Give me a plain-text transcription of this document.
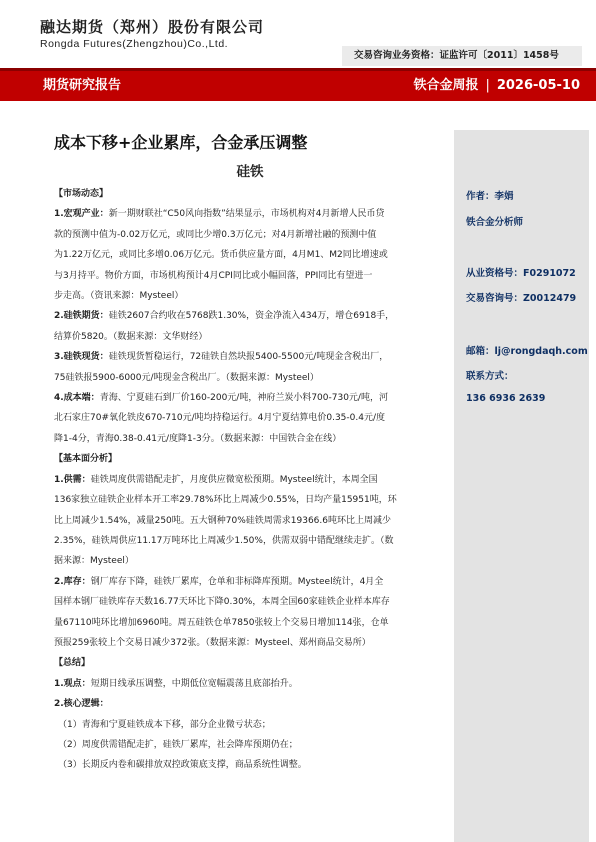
融达期货（郑州）股份有限公司
Rongda Futures(Zhengzhou)Co.,Ltd.
交易咨询业务资格：证监许可〔2011〕1458号
期货研究报告	铁合金周报 | 2026-05-10
成本下移+企业累库，合金承压调整
作者：李娟
铁合金分析师
从业资格号：F0291072
交易咨询号：Z0012479
邮箱：lj@rongdaqh.com
联系方式：
136 6936 2639
硅铁
【市场动态】
1.宏观产业：新一期财联社“C50风向指数”结果显示，市场机构对4月新增人民币贷
款的预测中值为-0.02万亿元，或同比少增0.3万亿元；对4月新增社融的预测中值
为1.22万亿元，或同比多增0.06万亿元。货币供应量方面，4月M1、M2同比增速或
与3月持平。物价方面，市场机构预计4月CPI同比或小幅回落，PPI同比有望进一
步走高。（资讯来源：Mysteel）
2.硅铁期货：硅铁2607合约收在5768跌1.30%，资金净流入434万，增仓6918手，
结算价5820。（数据来源：文华财经）
3.硅铁现货：硅铁现货暂稳运行，72硅铁自然块报5400-5500元/吨现金含税出厂，
75硅铁报5900-6000元/吨现金含税出厂。（数据来源：Mysteel）
4.成本端：青海、宁夏硅石到厂价160-200元/吨，神府兰炭小料700-730元/吨，河
北石家庄70#氧化铁皮670-710元/吨均持稳运行。4月宁夏结算电价0.35-0.4元/度
降1-4分，青海0.38-0.41元/度降1-3分。（数据来源：中国铁合金在线）
【基本面分析】
1.供需：硅铁周度供需错配走扩，月度供应微宽松预期。Mysteel统计，本周全国
136家独立硅铁企业样本开工率29.78%环比上周减少0.55%，日均产量15951吨，环
比上周减少1.54%，减量250吨。五大钢种70%硅铁周需求19366.6吨环比上周减少
2.35%，硅铁周供应11.17万吨环比上周减少1.50%，供需双弱中错配继续走扩。（数
据来源：Mysteel）
2.库存：钢厂库存下降，硅铁厂累库，仓单和非标降库预期。Mysteel统计，4月全
国样本钢厂硅铁库存天数16.77天环比下降0.30%，本周全国60家硅铁企业样本库存
量67110吨环比增加6960吨。周五硅铁仓单7850张较上个交易日增加114张，仓单
预报259张较上个交易日减少372张。（数据来源：Mysteel、郑州商品交易所）
【总结】
1.观点：短期日线承压调整，中期低位宽幅震荡且底部抬升。
2.核心逻辑：
（1）青海和宁夏硅铁成本下移，部分企业微亏状态；
（2）周度供需错配走扩，硅铁厂累库，社会降库预期仍在；
（3）长期反内卷和碳排放双控政策底支撑，商品系统性调整。
